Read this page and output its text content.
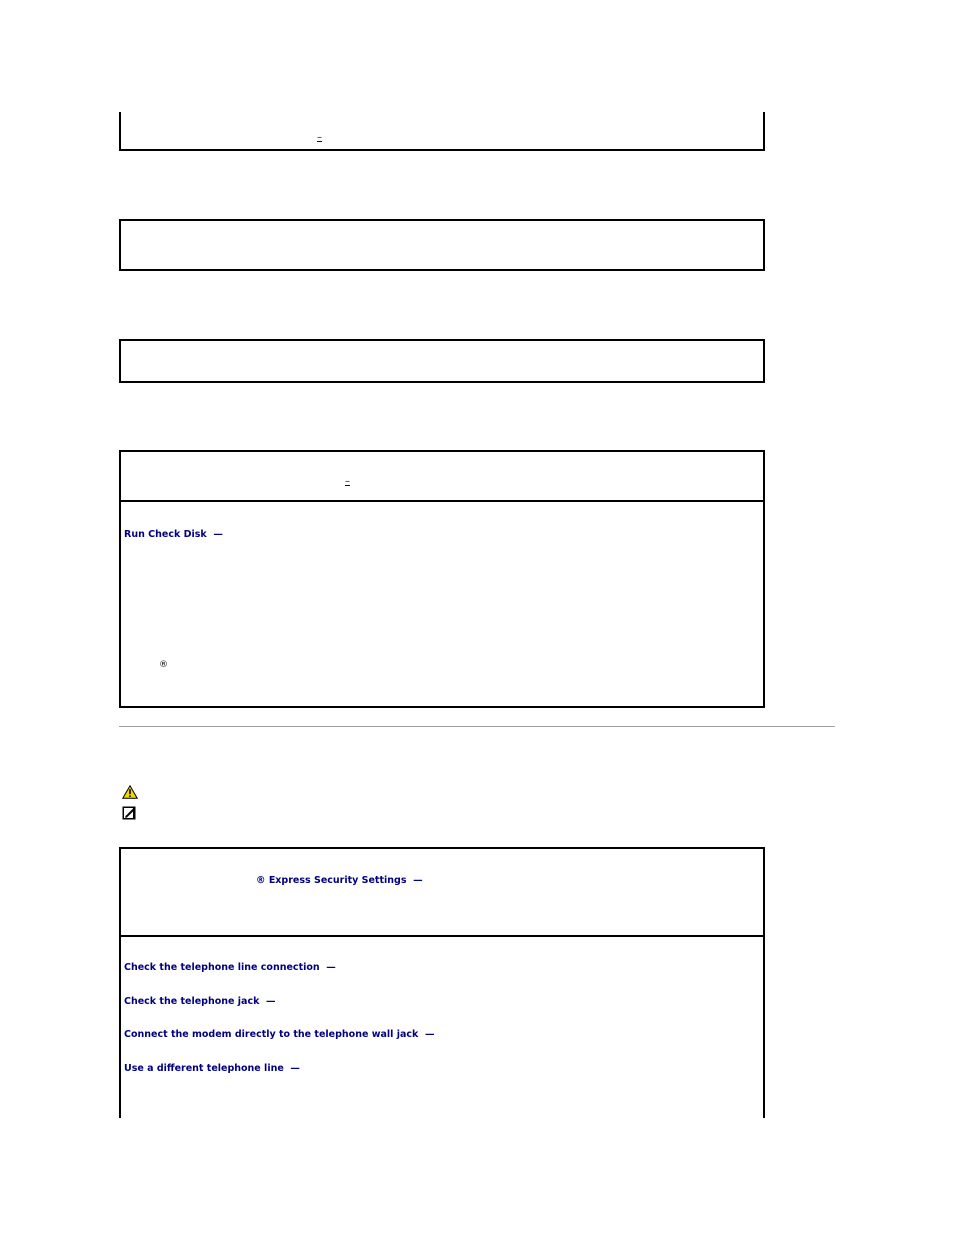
–
–
Run Check Disk —
®
® Express Security Settings —
Check the telephone line connection —
Check the telephone jack —
Connect the modem directly to the telephone wall jack —
Use a different telephone line —
